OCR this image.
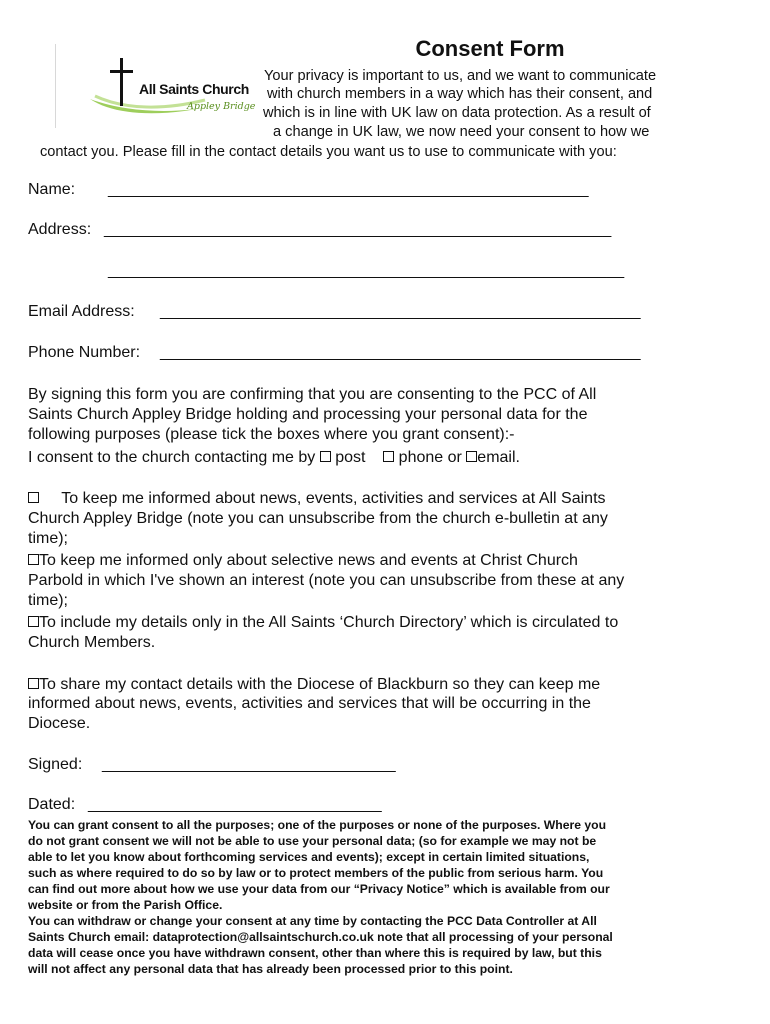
All Saints Church
Appley Bridge
Consent Form
Your privacy is important to us, and we want to communicate
with church members in a way which has their consent, and
which is in line with UK law on data protection. As a result of
a change in UK law, we now need your consent to how we
contact you. Please fill in the contact details you want us to use to communicate with you:
Name: ______________________________________________________
Address: _________________________________________________________
__________________________________________________________
Email Address: ______________________________________________________
Phone Number: ______________________________________________________
By signing this form you are confirming that you are consenting to the PCC of All
Saints Church Appley Bridge holding and processing your personal data for the
following purposes (please tick the boxes where you grant consent):-
I consent to the church contacting me by post phone or email.
To keep me informed about news, events, activities and services at All Saints
Church Appley Bridge (note you can unsubscribe from the church e-bulletin at any
time);
To keep me informed only about selective news and events at Christ Church
Parbold in which I've shown an interest (note you can unsubscribe from these at any
time);
To include my details only in the All Saints ‘Church Directory’ which is circulated to
Church Members.
To share my contact details with the Diocese of Blackburn so they can keep me
informed about news, events, activities and services that will be occurring in the
Diocese.
Signed: _________________________________
Dated: _________________________________
You can grant consent to all the purposes; one of the purposes or none of the purposes. Where you
do not grant consent we will not be able to use your personal data; (so for example we may not be
able to let you know about forthcoming services and events); except in certain limited situations,
such as where required to do so by law or to protect members of the public from serious harm. You
can find out more about how we use your data from our “Privacy Notice” which is available from our
website or from the Parish Office.
You can withdraw or change your consent at any time by contacting the PCC Data Controller at All
Saints Church email: dataprotection@allsaintschurch.co.uk note that all processing of your personal
data will cease once you have withdrawn consent, other than where this is required by law, but this
will not affect any personal data that has already been processed prior to this point.
